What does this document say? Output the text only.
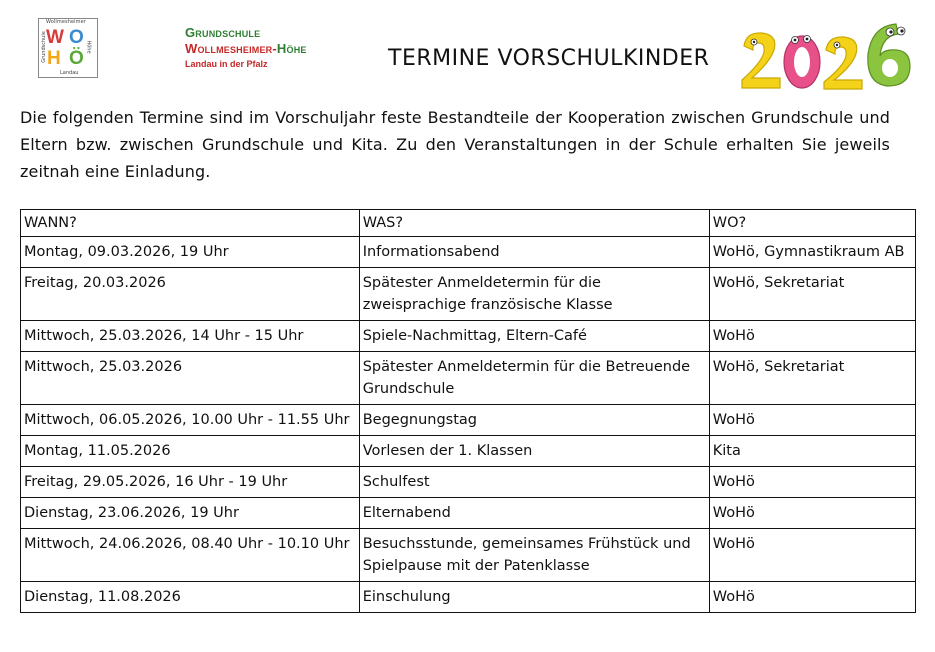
Wollmesheimer
Grundschule	Höhe
W O
H Ö
Landau
Grundschule
Wollmesheimer-Höhe
Landau in der Pfalz	TERMINE VORSCHULKINDER
Die folgenden Termine sind im Vorschuljahr feste Bestandteile der Kooperation zwischen Grundschule und Eltern bzw. zwischen Grundschule und Kita. Zu den Veranstaltungen in der Schule erhalten Sie jeweils zeitnah eine Einladung.
WANN?	WAS?	WO?
Montag, 09.03.2026, 19 Uhr	Informationsabend	WoHö, Gymnastikraum AB
Freitag, 20.03.2026	Spätester Anmeldetermin für die zweisprachige französische Klasse	WoHö, Sekretariat
Mittwoch, 25.03.2026, 14 Uhr - 15 Uhr	Spiele-Nachmittag, Eltern-Café	WoHö
Mittwoch, 25.03.2026	Spätester Anmeldetermin für die Betreuende Grundschule	WoHö, Sekretariat
Mittwoch, 06.05.2026, 10.00 Uhr - 11.55 Uhr	Begegnungstag	WoHö
Montag, 11.05.2026	Vorlesen der 1. Klassen	Kita
Freitag, 29.05.2026, 16 Uhr - 19 Uhr	Schulfest	WoHö
Dienstag, 23.06.2026, 19 Uhr	Elternabend	WoHö
Mittwoch, 24.06.2026, 08.40 Uhr - 10.10 Uhr	Besuchsstunde, gemeinsames Frühstück und Spielpause mit der Patenklasse	WoHö
Dienstag, 11.08.2026	Einschulung	WoHö
